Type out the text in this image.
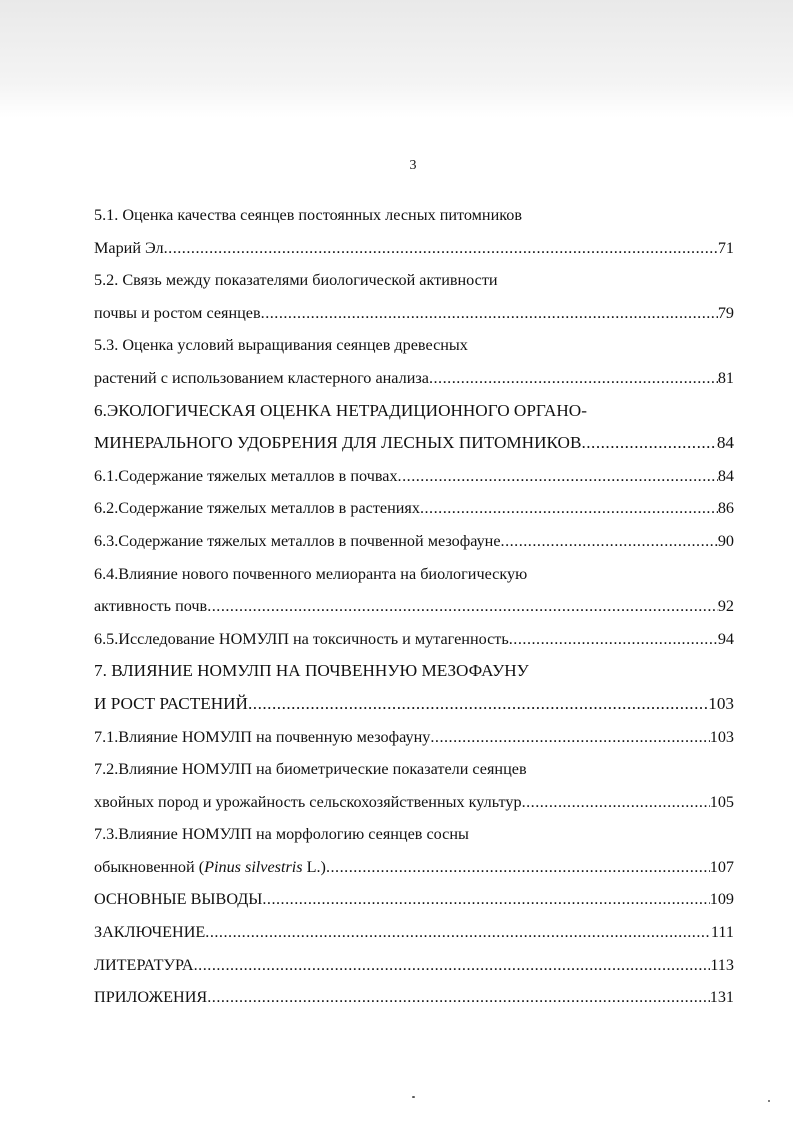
3
5.1. Оценка качества сеянцев постоянных лесных питомников
Марий Эл .....	71
5.2. Связь между показателями биологической активности
почвы и ростом сеянцев .....	79
5.3. Оценка условий выращивания сеянцев древесных
растений с использованием кластерного анализа .....	81
6.ЭКОЛОГИЧЕСКАЯ ОЦЕНКА НЕТРАДИЦИОННОГО ОРГАНО-
МИНЕРАЛЬНОГО УДОБРЕНИЯ ДЛЯ ЛЕСНЫХ ПИТОМНИКОВ .....	84
6.1.Содержание тяжелых металлов в почвах .....	84
6.2.Содержание тяжелых металлов в растениях .....	86
6.3.Содержание тяжелых металлов в почвенной мезофауне .....	90
6.4.Влияние нового почвенного мелиоранта на биологическую
активность почв .....	92
6.5.Исследование НОМУЛП на токсичность и мутагенность .....	94
7. ВЛИЯНИЕ НОМУЛП НА ПОЧВЕННУЮ МЕЗОФАУНУ
И РОСТ РАСТЕНИЙ .....	103
7.1.Влияние НОМУЛП на почвенную мезофауну .....	103
7.2.Влияние НОМУЛП на биометрические показатели сеянцев
хвойных пород и урожайность сельскохозяйственных культур .....	105
7.3.Влияние НОМУЛП на морфологию сеянцев сосны
обыкновенной (Pinus silvestris L.) .....	107
ОСНОВНЫЕ ВЫВОДЫ .....	109
ЗАКЛЮЧЕНИЕ .....	111
ЛИТЕРАТУРА .....	113
ПРИЛОЖЕНИЯ .....	131
